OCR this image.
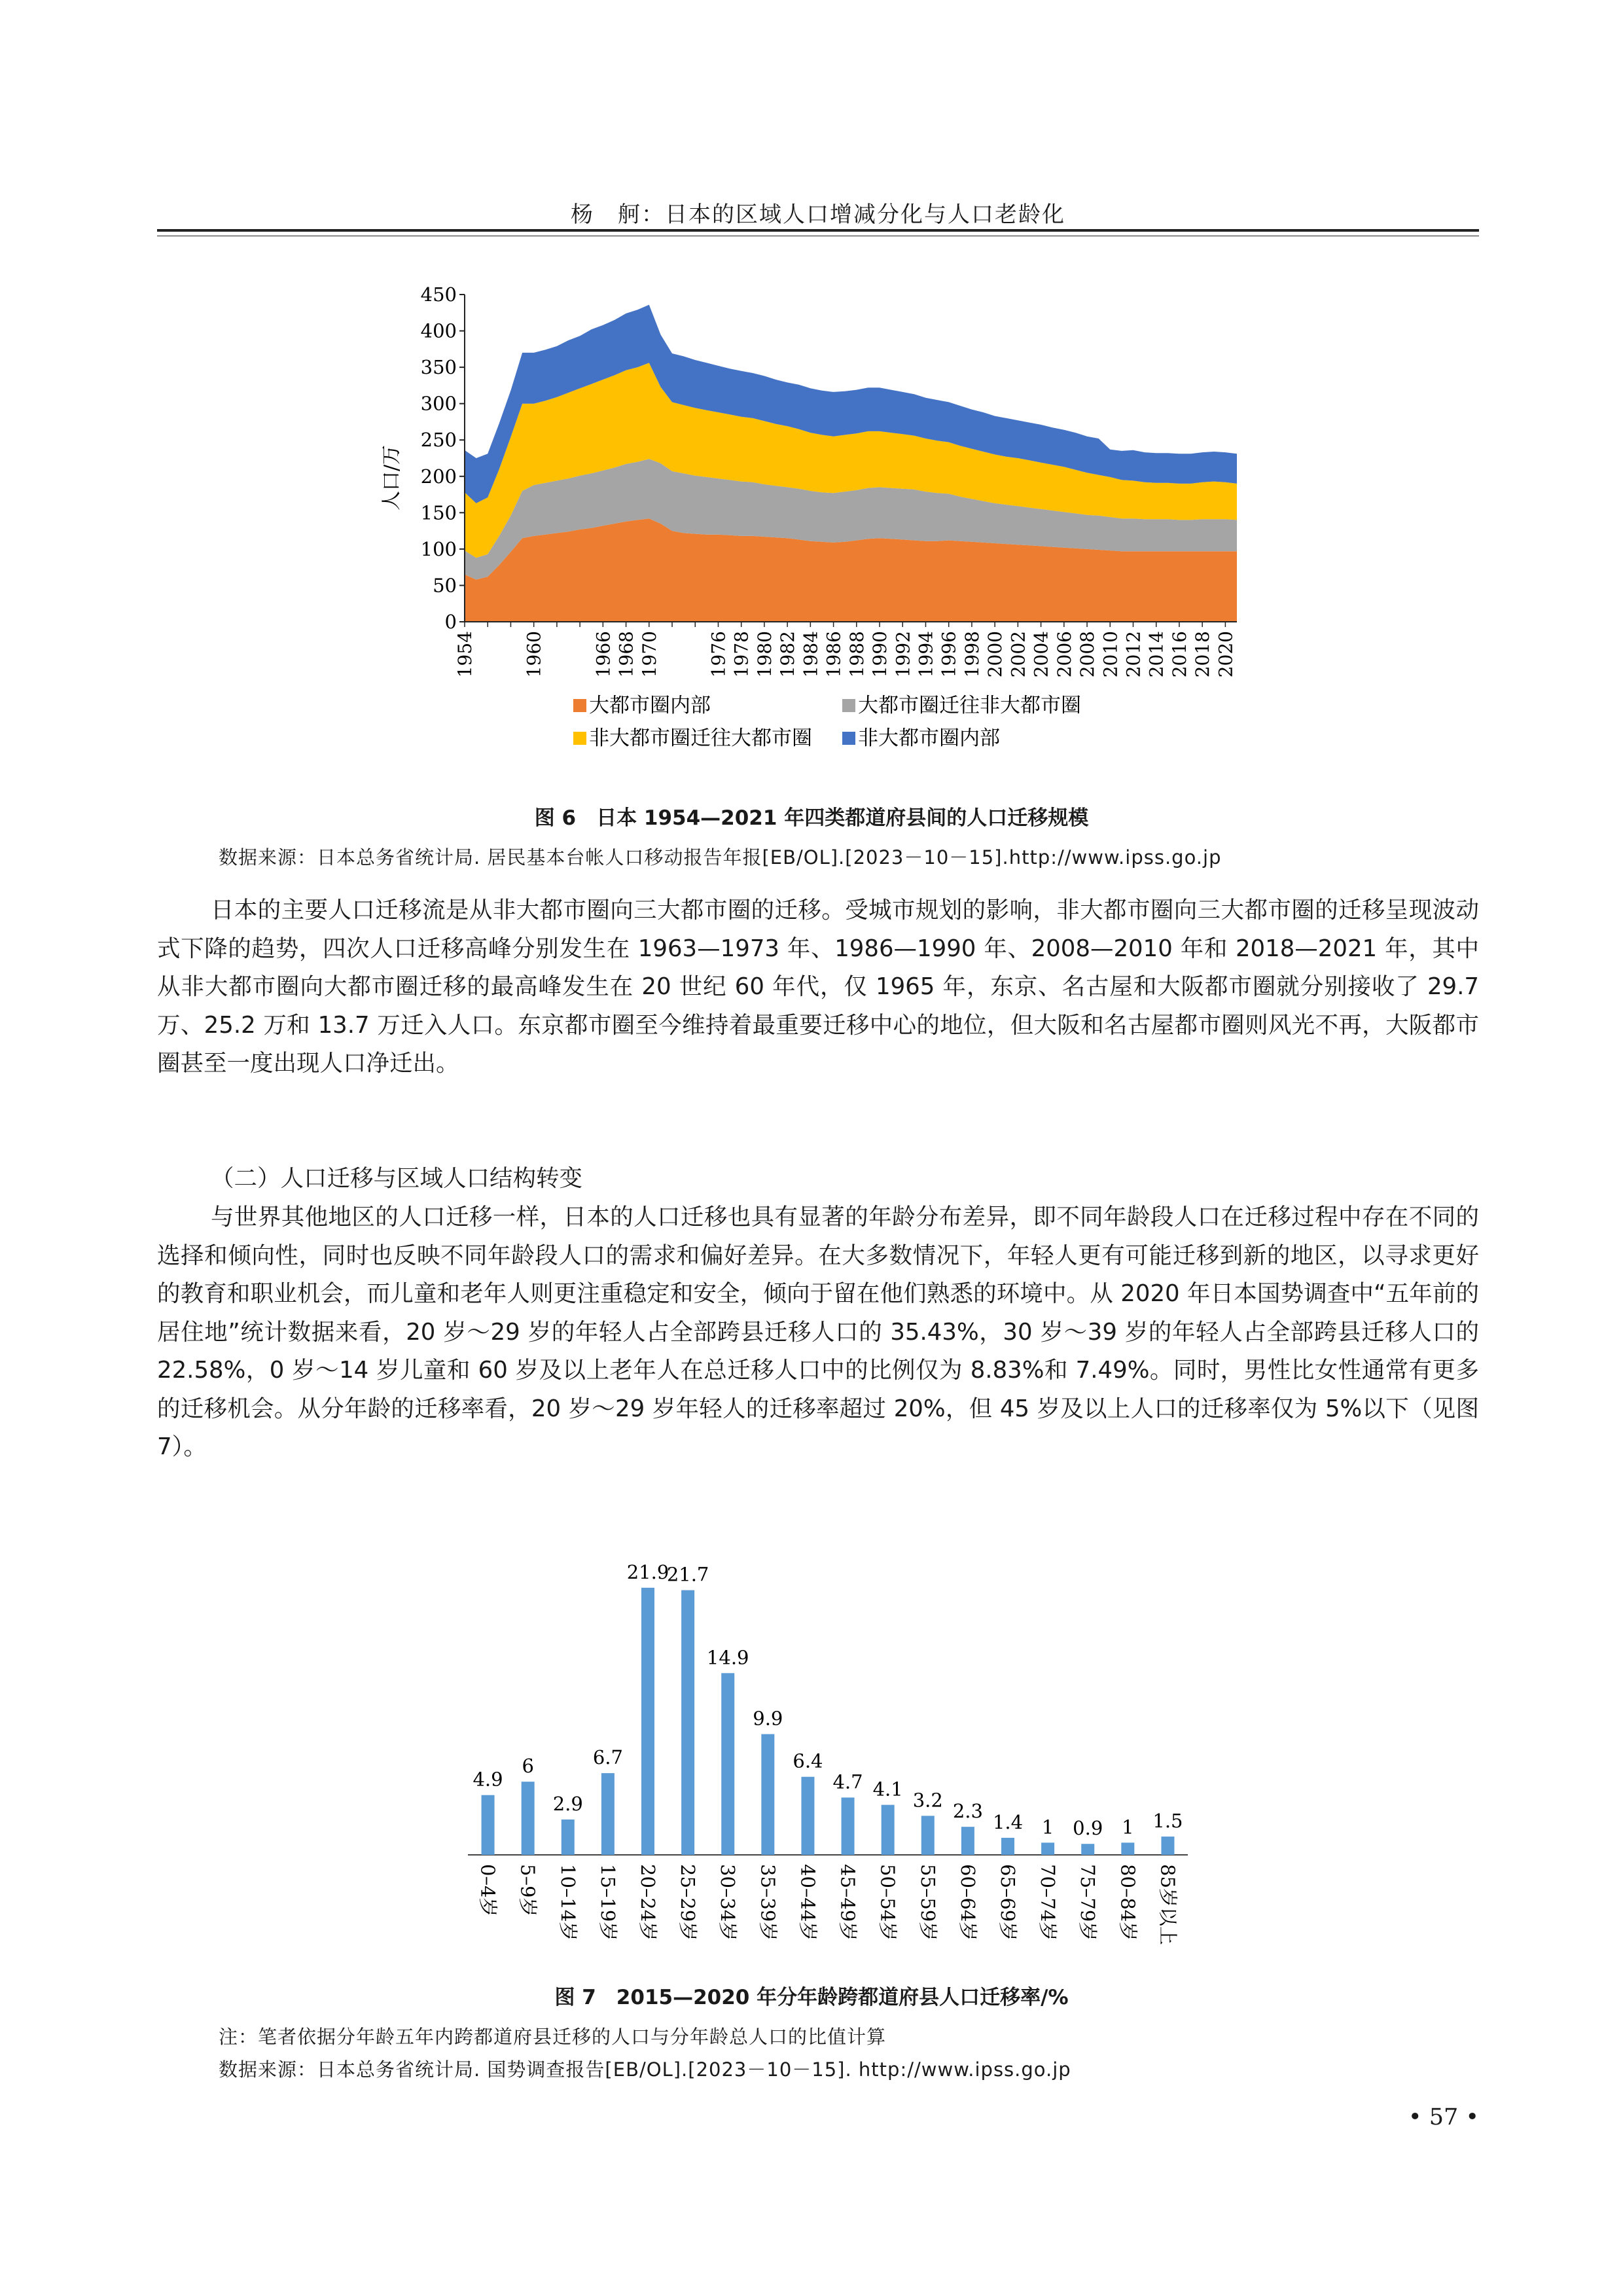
杨　舸：日本的区域人口增减分化与人口老龄化
0
50
100
150
200
250
300
350
400
450
1954	1960	1966 1968 1970	1976 1978 1980 1982 1984 1986 1988 1990 1992 1994 1996 1998 2000 2002 2004 2006 2008 2010 2012 2014 2016 2018 2020
人口/万
大都市圈内部	大都市圈迁往非大都市圈
非大都市圈迁往大都市圈 非大都市圈内部
图 6　日本 1954—2021 年四类都道府县间的人口迁移规模
数据来源：日本总务省统计局. 居民基本台帐人口移动报告年报[EB/OL].[2023－10－15].http://www.ipss.go.jp

日本的主要人口迁移流是从非大都市圈向三大都市圈的迁移。受城市规划的影响，非大都市圈向三大都市圈的迁移呈现波动式下降的趋势，四次人口迁移高峰分别发生在 1963—1973 年、1986—1990 年、2008—2010 年和 2018—2021 年，其中从非大都市圈向大都市圈迁移的最高峰发生在 20 世纪 60 年代，仅 1965 年，东京、名古屋和大阪都市圈就分别接收了 29.7 万、25.2 万和 13.7 万迁入人口。东京都市圈至今维持着最重要迁移中心的地位，但大阪和名古屋都市圈则风光不再，大阪都市圈甚至一度出现人口净迁出。

（二）人口迁移与区域人口结构转变

与世界其他地区的人口迁移一样，日本的人口迁移也具有显著的年龄分布差异，即不同年龄段人口在迁移过程中存在不同的选择和倾向性，同时也反映不同年龄段人口的需求和偏好差异。在大多数情况下，年轻人更有可能迁移到新的地区，以寻求更好的教育和职业机会，而儿童和老年人则更注重稳定和安全，倾向于留在他们熟悉的环境中。从 2020 年日本国势调查中“五年前的居住地”统计数据来看，20 岁～29 岁的年轻人占全部跨县迁移人口的 35.43%，30 岁～39 岁的年轻人占全部跨县迁移人口的 22.58%，0 岁～14 岁儿童和 60 岁及以上老年人在总迁移人口中的比例仅为 8.83%和 7.49%。同时，男性比女性通常有更多的迁移机会。从分年龄的迁移率看，20 岁～29 岁年轻人的迁移率超过 20%，但 45 岁及以上人口的迁移率仅为 5%以下（见图 7）。

4.9
0–4岁
6
5–9岁
2.9
10–14岁
6.7
15–19岁
21.9
20–24岁
21.7
25–29岁
14.9
30–34岁
9.9
35–39岁
6.4
40–44岁
4.7
45–49岁
4.1
50–54岁
3.2
55–59岁
2.3
60–64岁
1.4
65–69岁
1
70–74岁
0.9
75–79岁
1
80–84岁
1.5
85岁以上
图 7　2015—2020 年分年龄跨都道府县人口迁移率/%
注：笔者依据分年龄五年内跨都道府县迁移的人口与分年龄总人口的比值计算
数据来源：日本总务省统计局. 国势调查报告[EB/OL].[2023－10－15]. http://www.ipss.go.jp
• 57 •
